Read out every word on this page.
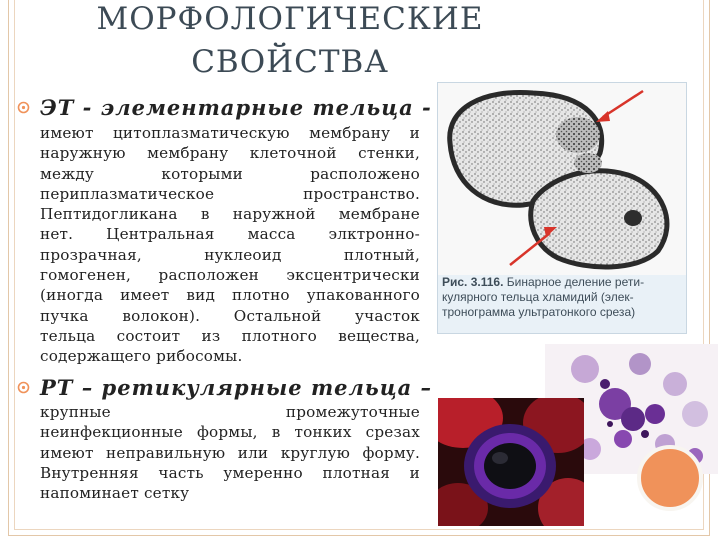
МОРФОЛОГИЧЕСКИЕ
СВОЙСТВА
ЭТ - элементарные тельца -
имеют цитоплазматическую мембрану и
наружную мембрану клеточной стенки,
между которыми расположено
периплазматическое пространство.
Пептидогликана в наружной мембране
нет. Центральная масса элктронно-
прозрачная, нуклеоид плотный,
гомогенен, расположен эксцентрически
(иногда имеет вид плотно упакованного
пучка волокон). Остальной участок
тельца состоит из плотного вещества,
содержащего рибосомы.
РТ – ретикулярные тельца –
крупные промежуточные
неинфекционные формы, в тонких срезах
имеют неправильную или круглую форму.
Внутренняя часть умеренно плотная и
напоминает сетку
Рис. 3.116. Бинарное деление рети-
кулярного тельца хламидий (элек-
тронограмма ультратонкого среза)
